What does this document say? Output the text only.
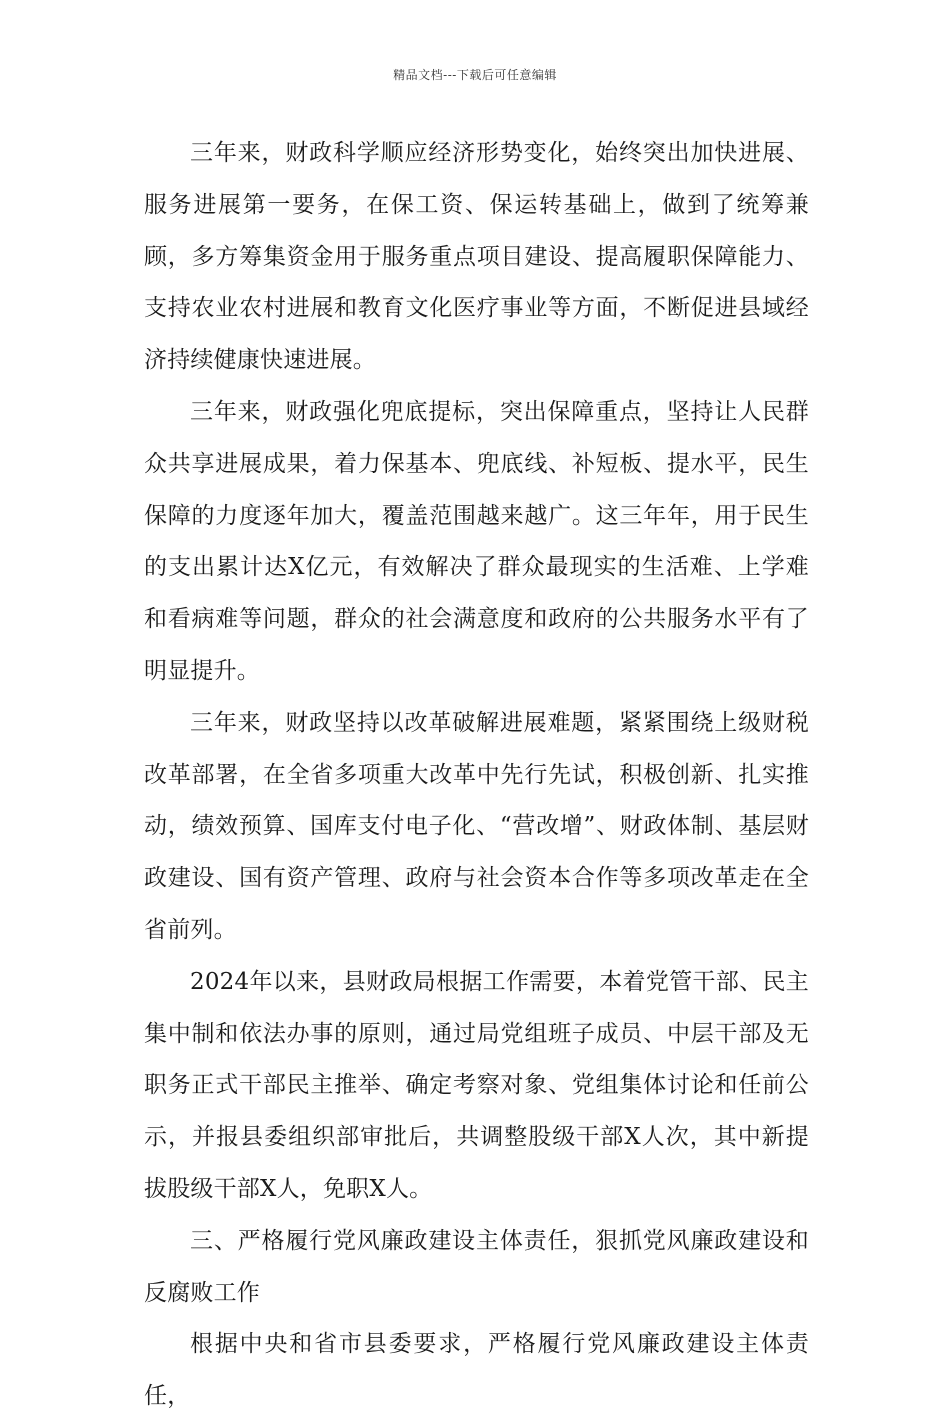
精品文档---下载后可任意编辑

三年来，财政科学顺应经济形势变化，始终突出加快进展、服务进展第一要务，在保工资、保运转基础上，做到了统筹兼顾，多方筹集资金用于服务重点项目建设、提高履职保障能力、支持农业农村进展和教育文化医疗事业等方面，不断促进县域经济持续健康快速进展。

三年来，财政强化兜底提标，突出保障重点，坚持让人民群众共享进展成果，着力保基本、兜底线、补短板、提水平，民生保障的力度逐年加大，覆盖范围越来越广。这三年年，用于民生的支出累计达X亿元，有效解决了群众最现实的生活难、上学难和看病难等问题，群众的社会满意度和政府的公共服务水平有了明显提升。

三年来，财政坚持以改革破解进展难题，紧紧围绕上级财税改革部署，在全省多项重大改革中先行先试，积极创新、扎实推动，绩效预算、国库支付电子化、“营改增”、财政体制、基层财政建设、国有资产管理、政府与社会资本合作等多项改革走在全省前列。

2024年以来，县财政局根据工作需要，本着党管干部、民主集中制和依法办事的原则，通过局党组班子成员、中层干部及无职务正式干部民主推举、确定考察对象、党组集体讨论和任前公示，并报县委组织部审批后，共调整股级干部X人次，其中新提拔股级干部X人，免职X人。

三、严格履行党风廉政建设主体责任，狠抓党风廉政建设和反腐败工作

根据中央和省市县委要求，严格履行党风廉政建设主体责任，
